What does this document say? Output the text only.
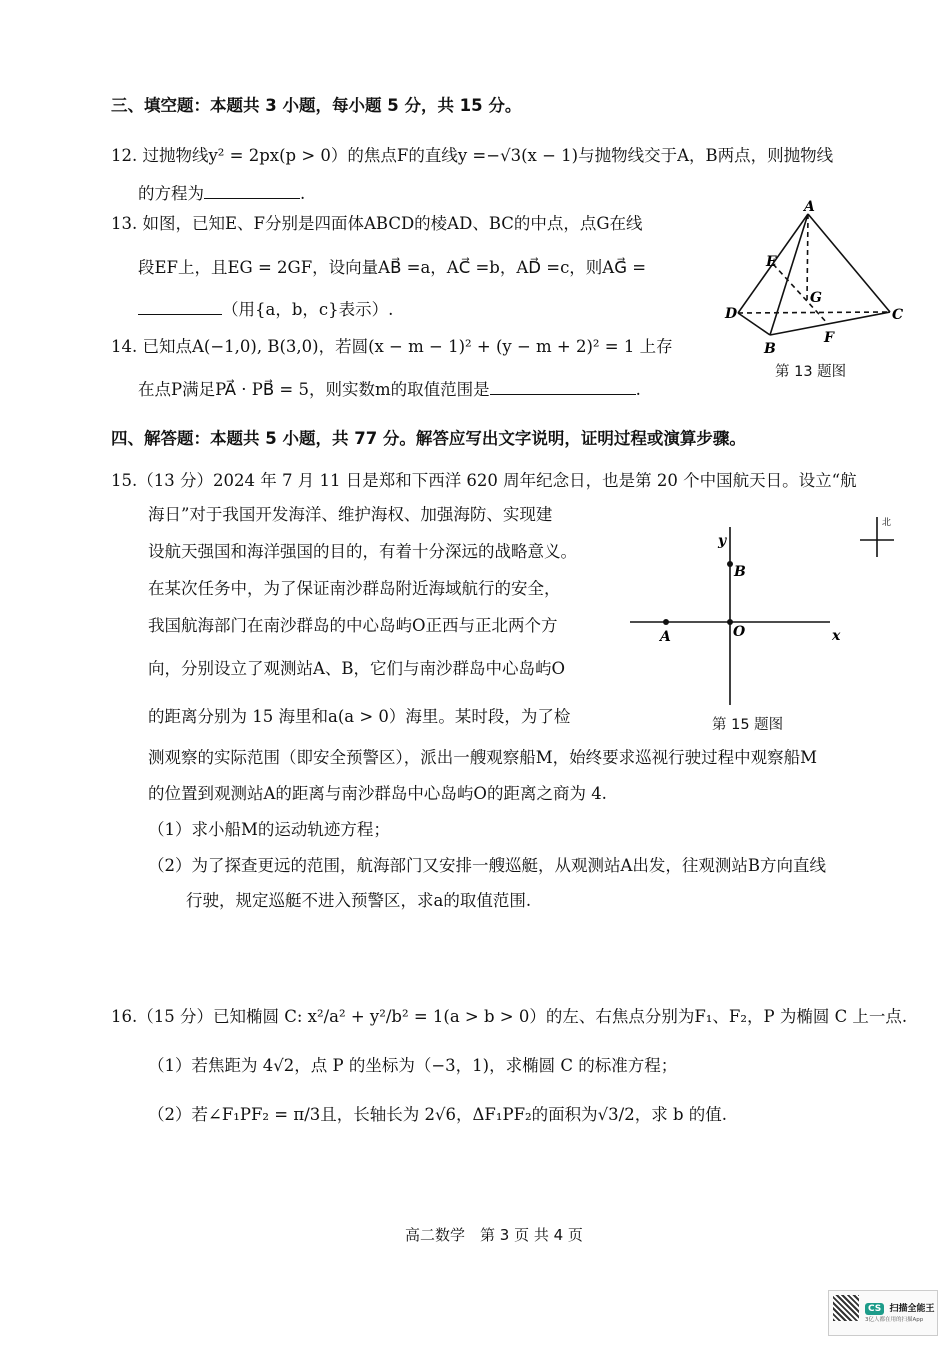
三、填空题：本题共 3 小题，每小题 5 分，共 15 分。
12. 过抛物线y² = 2px(p > 0）的焦点F的直线y =−√3(x − 1)与抛物线交于A，B两点，则抛物线
的方程为	.
13. 如图，已知E、F分别是四面体ABCD的棱AD、BC的中点，点G在线
段EF上，且EG = 2GF，设向量AB⃗ =a，AC⃗ =b，AD⃗ =c，则AG⃗ =
（用{a，b，c}表示）.
A
D
B
C
E
F
G
第 13 题图
14. 已知点A(−1,0), B(3,0)，若圆(x − m − 1)² + (y − m + 2)² = 1 上存
在点P满足PA⃗ · PB⃗ = 5，则实数m的取值范围是	.
四、解答题：本题共 5 小题，共 77 分。解答应写出文字说明，证明过程或演算步骤。
15.（13 分）2024 年 7 月 11 日是郑和下西洋 620 周年纪念日，也是第 20 个中国航天日。设立“航
海日”对于我国开发海洋、维护海权、加强海防、实现建
设航天强国和海洋强国的目的，有着十分深远的战略意义。
在某次任务中，为了保证南沙群岛附近海域航行的安全，
我国航海部门在南沙群岛的中心岛屿O正西与正北两个方
向，分别设立了观测站A、B，它们与南沙群岛中心岛屿O
的距离分别为 15 海里和a(a > 0）海里。某时段，为了检
测观察的实际范围（即安全预警区），派出一艘观察船M，始终要求巡视行驶过程中观察船M
的位置到观测站A的距离与南沙群岛中心岛屿O的距离之商为 4.
（1）求小船M的运动轨迹方程；
（2）为了探查更远的范围，航海部门又安排一艘巡艇，从观测站A出发，往观测站B方向直线
行驶，规定巡艇不进入预警区，求a的取值范围.
y
x
A	O
B
北
第 15 题图
16.（15 分）已知椭圆 C: x²/a² + y²/b² = 1(a > b > 0）的左、右焦点分别为F₁、F₂，P 为椭圆 C 上一点.
（1）若焦距为 4√2，点 P 的坐标为（−3，1)，求椭圆 C 的标准方程；
（2）若∠F₁PF₂ = π/3且，长轴长为 2√6，ΔF₁PF₂的面积为√3/2，求 b 的值.
高二数学　第 3 页 共 4 页
CS 扫描全能王
3亿人都在用的扫描App
